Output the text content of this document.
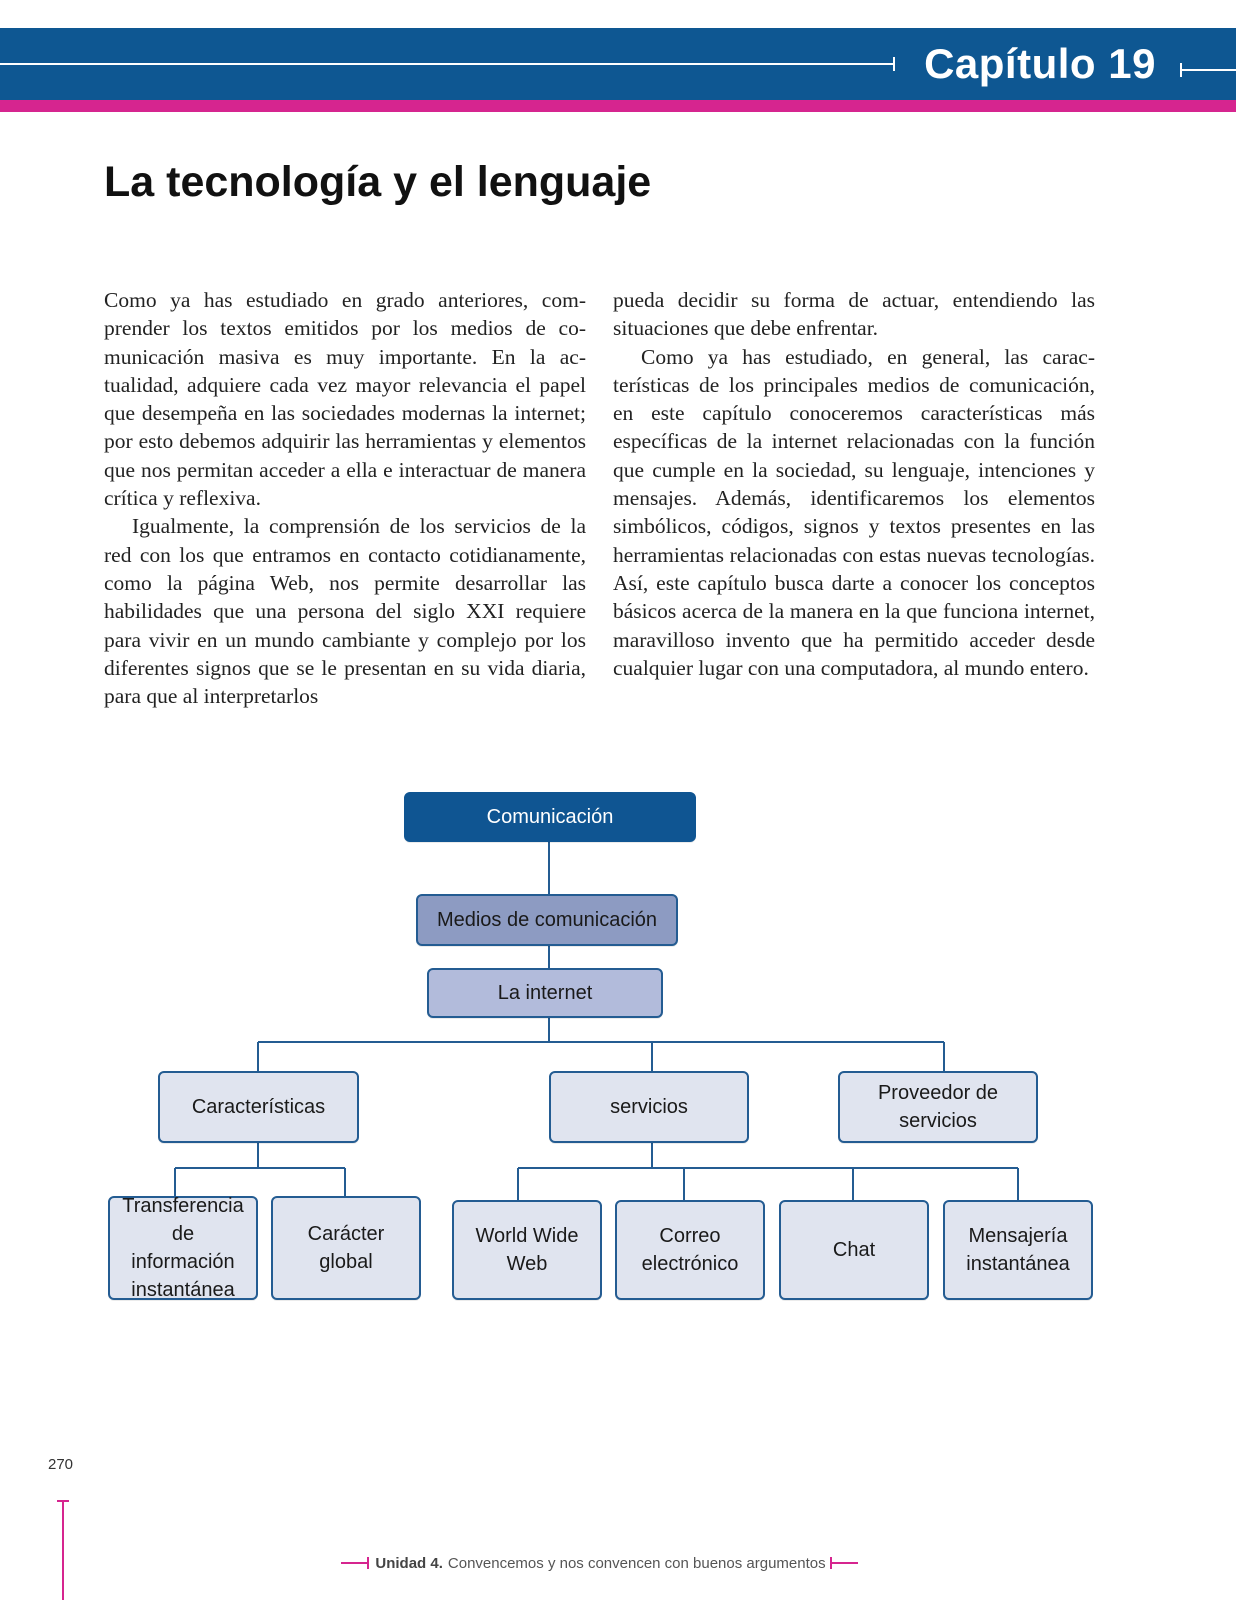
Capítulo 19
La tecnología y el lenguaje

Como ya has estudiado en grado anteriores, comprender los textos emitidos por los medios de comunicación masiva es muy importante. En la actualidad, adquiere cada vez mayor relevancia el papel que desempeña en las sociedades modernas la internet; por esto debemos adquirir las herramientas y elementos que nos permitan acceder a ella e interactuar de manera crítica y reflexiva.

Igualmente, la comprensión de los servicios de la red con los que entramos en contacto cotidianamente, como la página Web, nos permite desarrollar las habilidades que una persona del siglo XXI requiere para vivir en un mundo cambiante y complejo por los diferentes signos que se le presentan en su vida diaria, para que al interpretarlos

pueda decidir su forma de actuar, entendiendo las situaciones que debe enfrentar.

Como ya has estudiado, en general, las características de los principales medios de comunicación, en este capítulo conoceremos características más específicas de la internet relacionadas con la función que cumple en la sociedad, su lenguaje, intenciones y mensajes. Además, identificaremos los elementos simbólicos, códigos, signos y textos presentes en las herramientas relacionadas con estas nuevas tecnologías. Así, este capítulo busca darte a conocer los conceptos básicos acerca de la manera en la que funciona internet, maravilloso invento que ha permitido acceder desde cualquier lugar con una computadora, al mundo entero.

Comunicación
Medios de comunicación
La internet
Características	servicios
Proveedor de
servicios
Transferencia
de información
instantánea
Carácter
global
World Wide
Web
Correo
electrónico
Chat
Mensajería
instantánea
270
Unidad 4. Convencemos y nos convencen con buenos argumentos
